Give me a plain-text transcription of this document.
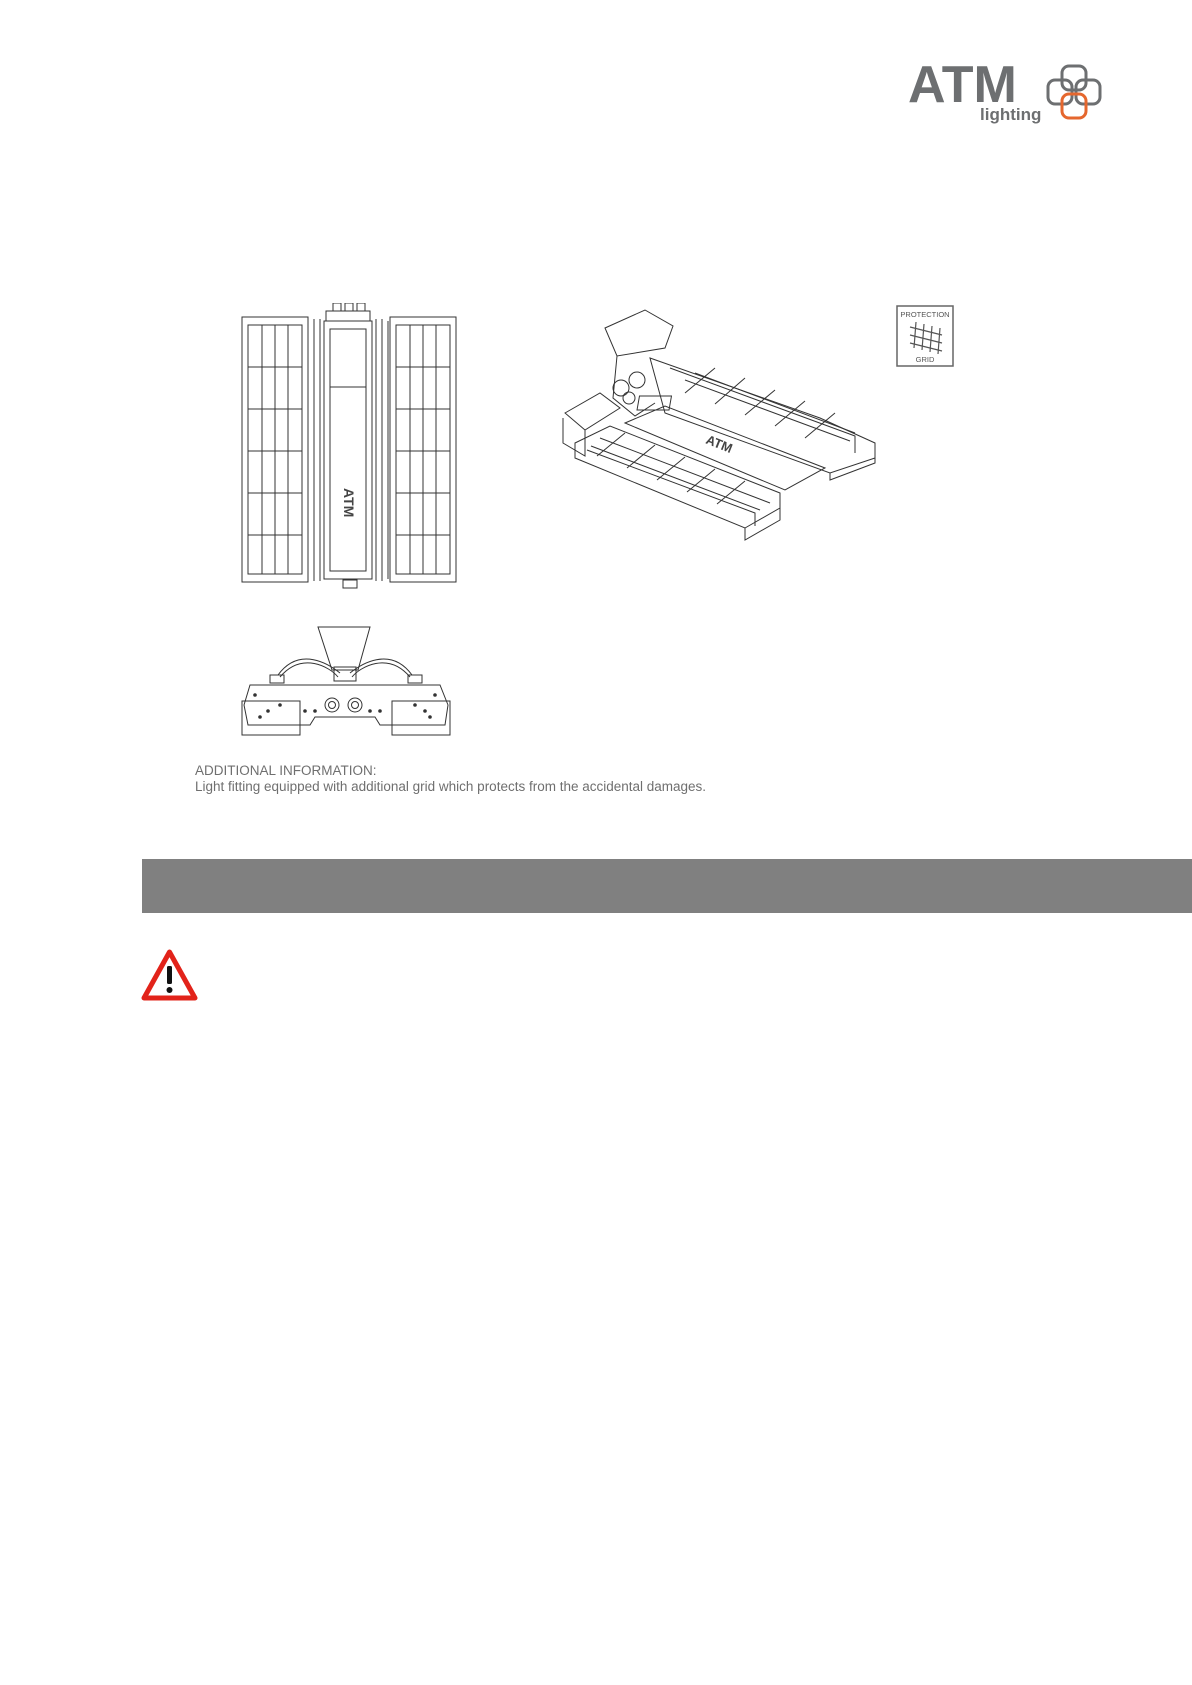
ATM
lighting
ATM
ATM
PROTECTION
GRID

ADDITIONAL INFORMATION:

Light fitting equipped with additional grid which protects from the accidental damages.
